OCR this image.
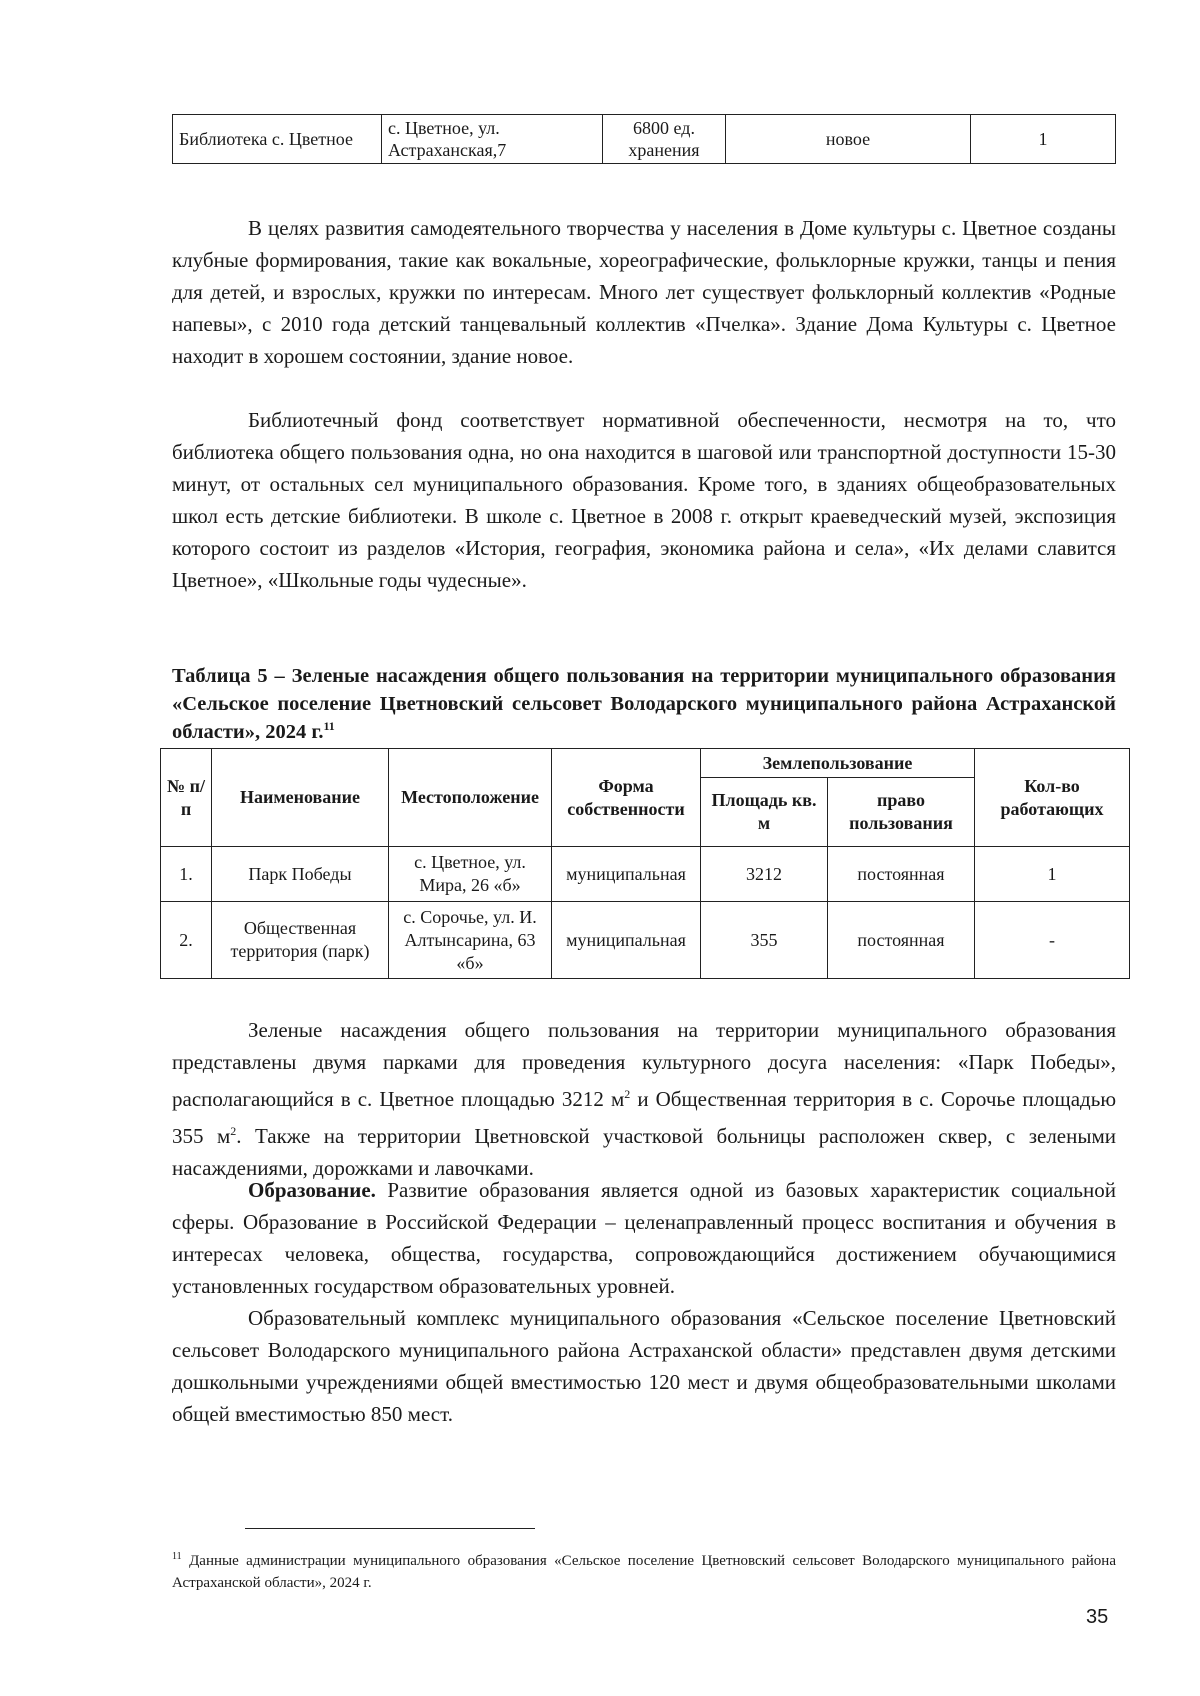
Библиотека с. Цветное	с. Цветное, ул. Астраханская,7	6800 ед. хранения	новое	1

В целях развития самодеятельного творчества у населения в Доме культуры с. Цветное созданы клубные формирования, такие как вокальные, хореографические, фольклорные кружки, танцы и пения для детей, и взрослых, кружки по интересам. Много лет существует фольклорный коллектив «Родные напевы», с 2010 года детский танцевальный коллектив «Пчелка». Здание Дома Культуры с. Цветное находит в хорошем состоянии, здание новое.

Библиотечный фонд соответствует нормативной обеспеченности, несмотря на то, что библиотека общего пользования одна, но она находится в шаговой или транспортной доступности 15-30 минут, от остальных сел муниципального образования. Кроме того, в зданиях общеобразовательных школ есть детские библиотеки. В школе с. Цветное в 2008 г. открыт краеведческий музей, экспозиция которого состоит из разделов «История, география, экономика района и села», «Их делами славится Цветное», «Школьные годы чудесные».

Таблица 5 – Зеленые насаждения общего пользования на территории муниципального образования «Сельское поселение Цветновский сельсовет Володарского муниципального района Астраханской области», 2024 г.$^{11}$

№ п/п	Наименование	Местоположение	Форма собственности	Землепользование		Кол-во работающих
				Площадь кв. м	право пользования	
1.	Парк Победы	с. Цветное, ул. Мира, 26 «б»	муниципальная	3212	постоянная	1
2.	Общественная территория (парк)	с. Сорочье, ул. И. Алтынсарина, 63 «б»	муниципальная	355	постоянная	-

Зеленые насаждения общего пользования на территории муниципального образования представлены двумя парками для проведения культурного досуга населения: «Парк Победы», располагающийся в с. Цветное площадью 3212 $м^2$ и Общественная территория в с. Сорочье площадью 355 $м^2$. Также на территории Цветновской участковой больницы расположен сквер, с зелеными насаждениями, дорожками и лавочками.

Образование. Развитие образования является одной из базовых характеристик социальной сферы. Образование в Российской Федерации – целенаправленный процесс воспитания и обучения в интересах человека, общества, государства, сопровождающийся достижением обучающимися установленных государством образовательных уровней.

Образовательный комплекс муниципального образования «Сельское поселение Цветновский сельсовет Володарского муниципального района Астраханской области» представлен двумя детскими дошкольными учреждениями общей вместимостью 120 мест и двумя общеобразовательными школами общей вместимостью 850 мест.

$^{11}$ Данные администрации муниципального образования «Сельское поселение Цветновский сельсовет Володарского муниципального района Астраханской области», 2024 г.

35
